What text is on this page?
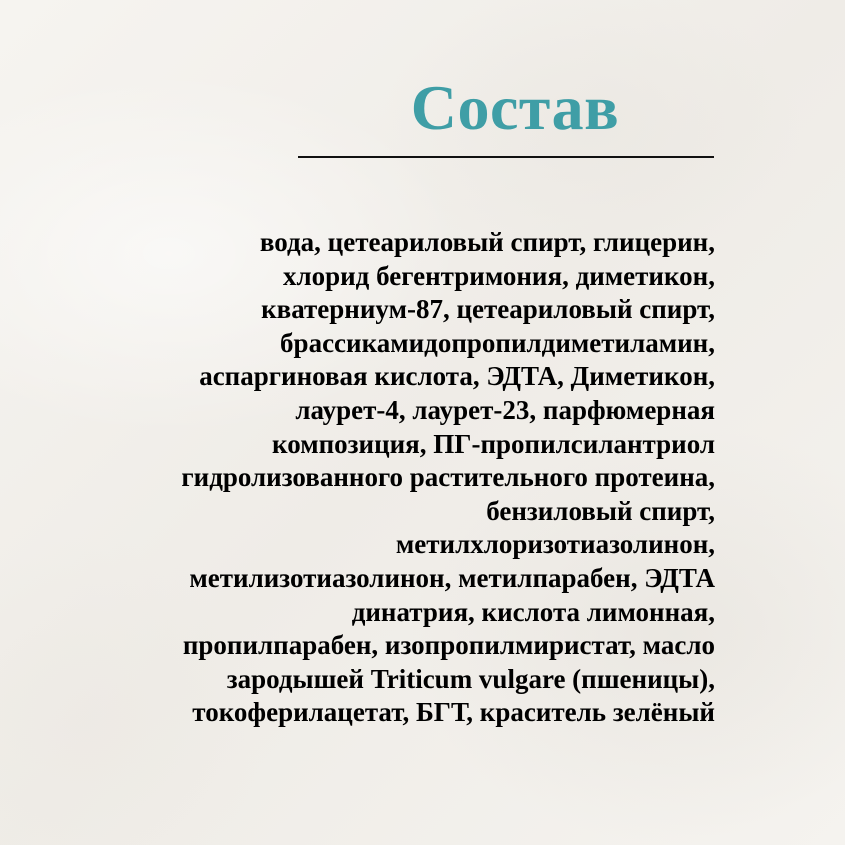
Состав
вода, цетеариловый спирт, глицерин,
хлорид бегентримония, диметикон,
кватерниум-87, цетеариловый спирт,
брассикамидопропилдиметиламин,
аспаргиновая кислота, ЭДТА, Диметикон,
лаурет-4, лаурет-23, парфюмерная
композиция, ПГ-пропилсилантриол
гидролизованного растительного протеина,
бензиловый спирт,
метилхлоризотиазолинон,
метилизотиазолинон, метилпарабен, ЭДТА
динатрия, кислота лимонная,
пропилпарабен, изопропилмиристат, масло
зародышей Triticum vulgare (пшеницы),
токоферилацетат, БГТ, краситель зелёный
